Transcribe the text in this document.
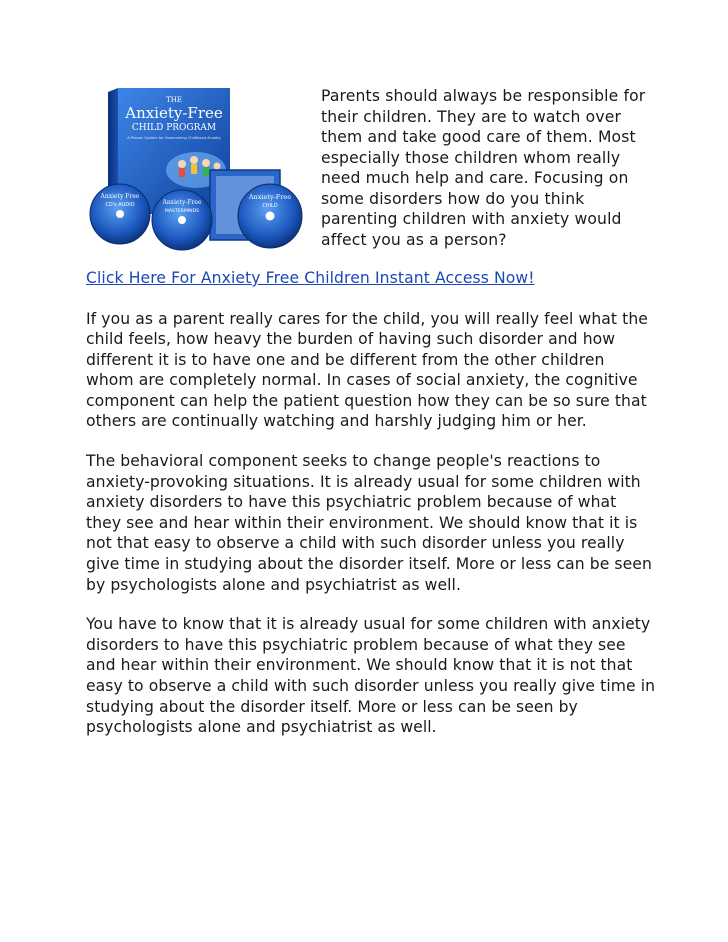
THE
Anxiety-Free
CHILD PROGRAM
A Proven System for Overcoming Childhood Anxiety
Anxiety Free
CD's AUDIO	Anxiety-Free
MASTERMINDS
Anxiety-Free
CHILD

Parents should always be responsible for their children. They are to watch over them and take good care of them. Most especially those children whom really need much help and care. Focusing on some disorders how do you think parenting children with anxiety would affect you as a person?

Click Here For Anxiety Free Children Instant Access Now!

If you as a parent really cares for the child, you will really feel what the child feels, how heavy the burden of having such disorder and how different it is to have one and be different from the other children whom are completely normal. In cases of social anxiety, the cognitive component can help the patient question how they can be so sure that others are continually watching and harshly judging him or her.

The behavioral component seeks to change people's reactions to anxiety-provoking situations. It is already usual for some children with anxiety disorders to have this psychiatric problem because of what they see and hear within their environment. We should know that it is not that easy to observe a child with such disorder unless you really give time in studying about the disorder itself. More or less can be seen by psychologists alone and psychiatrist as well.

You have to know that it is already usual for some children with anxiety disorders to have this psychiatric problem because of what they see and hear within their environment. We should know that it is not that easy to observe a child with such disorder unless you really give time in studying about the disorder itself. More or less can be seen by psychologists alone and psychiatrist as well.
